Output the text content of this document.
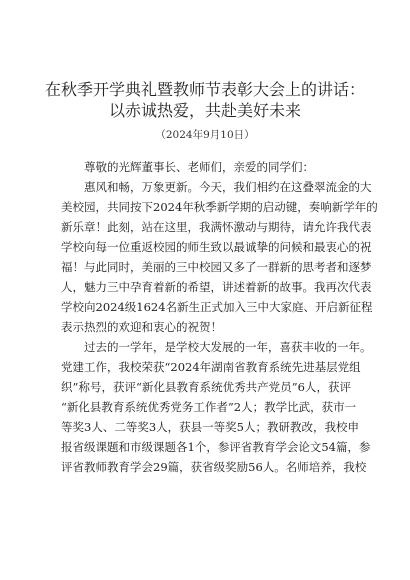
在秋季开学典礼暨教师节表彰大会上的讲话：
以赤诚热爱，共赴美好未来
（2024年9月10日）
尊敬的光辉董事长、老师们，亲爱的同学们：
惠风和畅，万象更新。今天，我们相约在这叠翠流金的大
美校园，共同按下2024年秋季新学期的启动键，奏响新学年的
新乐章！此刻，站在这里，我满怀激动与期待，请允许我代表
学校向每一位重返校园的师生致以最诚挚的问候和最衷心的祝
福！与此同时，美丽的三中校园又多了一群新的思考者和逐梦
人，魅力三中孕育着新的希望，讲述着新的故事。我再次代表
学校向2024级1624名新生正式加入三中大家庭、开启新征程
表示热烈的欢迎和衷心的祝贺！
过去的一学年，是学校大发展的一年，喜获丰收的一年。
党建工作，我校荣获“2024年湖南省教育系统先进基层党组
织”称号，获评“新化县教育系统优秀共产党员”6人，获评
“新化县教育系统优秀党务工作者”2人；教学比武，获市一
等奖3人、二等奖3人，获县一等奖5人；教研教改，我校申
报省级课题和市级课题各1个，参评省教育学会论文54篇，参
评省教师教育学会29篇，获省级奖励56人。名师培养，我校
